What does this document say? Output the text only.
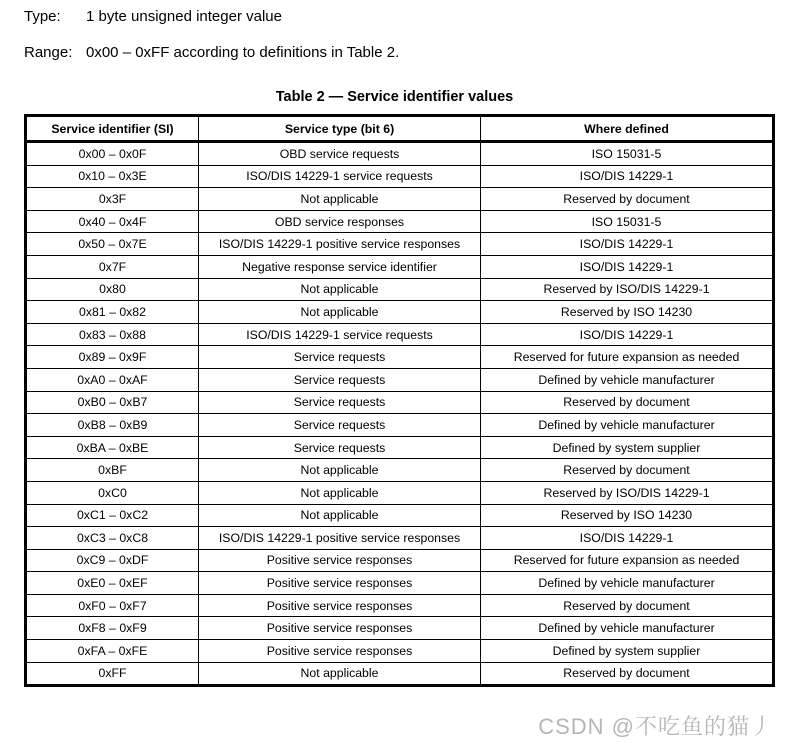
Type: 1 byte unsigned integer value
Range: 0x00 – 0xFF according to definitions in Table 2.
Table 2 — Service identifier values
Service identifier (SI)	Service type (bit 6)	Where defined
0x00 – 0x0F	OBD service requests	ISO 15031-5
0x10 – 0x3E	ISO/DIS 14229-1 service requests	ISO/DIS 14229-1
0x3F	Not applicable	Reserved by document
0x40 – 0x4F	OBD service responses	ISO 15031-5
0x50 – 0x7E	ISO/DIS 14229-1 positive service responses	ISO/DIS 14229-1
0x7F	Negative response service identifier	ISO/DIS 14229-1
0x80	Not applicable	Reserved by ISO/DIS 14229-1
0x81 – 0x82	Not applicable	Reserved by ISO 14230
0x83 – 0x88	ISO/DIS 14229-1 service requests	ISO/DIS 14229-1
0x89 – 0x9F	Service requests	Reserved for future expansion as needed
0xA0 – 0xAF	Service requests	Defined by vehicle manufacturer
0xB0 – 0xB7	Service requests	Reserved by document
0xB8 – 0xB9	Service requests	Defined by vehicle manufacturer
0xBA – 0xBE	Service requests	Defined by system supplier
0xBF	Not applicable	Reserved by document
0xC0	Not applicable	Reserved by ISO/DIS 14229-1
0xC1 – 0xC2	Not applicable	Reserved by ISO 14230
0xC3 – 0xC8	ISO/DIS 14229-1 positive service responses	ISO/DIS 14229-1
0xC9 – 0xDF	Positive service responses	Reserved for future expansion as needed
0xE0 – 0xEF	Positive service responses	Defined by vehicle manufacturer
0xF0 – 0xF7	Positive service responses	Reserved by document
0xF8 – 0xF9	Positive service responses	Defined by vehicle manufacturer
0xFA – 0xFE	Positive service responses	Defined by system supplier
0xFF	Not applicable	Reserved by document
CSDN @不吃鱼的猫丿
